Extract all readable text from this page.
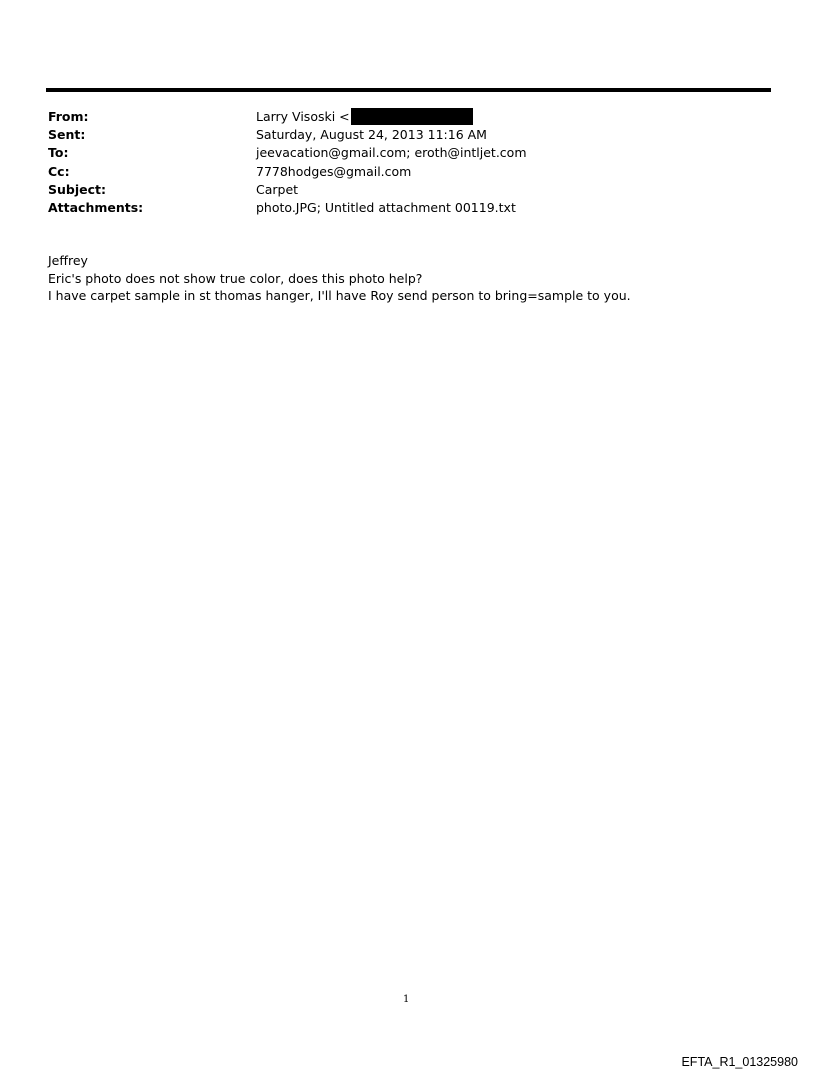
From:	Larry Visoski <
Sent:	Saturday, August 24, 2013 11:16 AM
To:	jeevacation@gmail.com; eroth@intljet.com
Cc:	7778hodges@gmail.com
Subject:	Carpet
Attachments:	photo.JPG; Untitled attachment 00119.txt
Jeffrey
Eric's photo does not show true color, does this photo help?
I have carpet sample in st thomas hanger, I'll have Roy send person to bring=sample to you.
1
EFTA_R1_01325980
